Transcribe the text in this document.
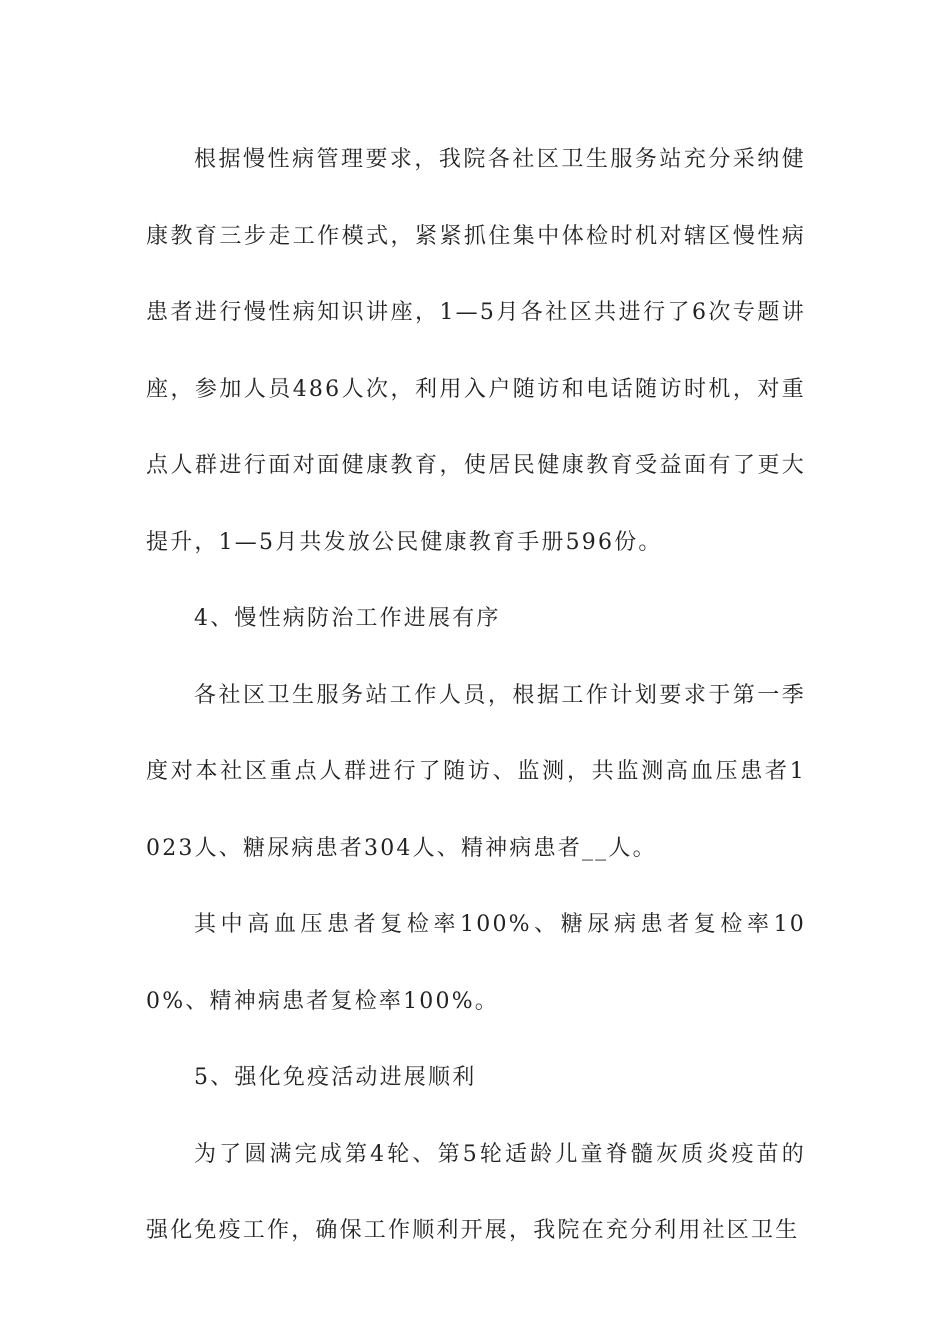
根据慢性病管理要求，我院各社区卫生服务站充分采纳健康教育三步走工作模式，紧紧抓住集中体检时机对辖区慢性病患者进行慢性病知识讲座，1—5月各社区共进行了6次专题讲座，参加人员486人次，利用入户随访和电话随访时机，对重点人群进行面对面健康教育，使居民健康教育受益面有了更大提升，1—5月共发放公民健康教育手册596份。

4、慢性病防治工作进展有序

各社区卫生服务站工作人员，根据工作计划要求于第一季度对本社区重点人群进行了随访、监测，共监测高血压患者1023人、糖尿病患者304人、精神病患者__人。

其中高血压患者复检率100%、糖尿病患者复检率100%、精神病患者复检率100%。

5、强化免疫活动进展顺利

为了圆满完成第4轮、第5轮适龄儿童脊髓灰质炎疫苗的强化免疫工作，确保工作顺利开展，我院在充分利用社区卫生
